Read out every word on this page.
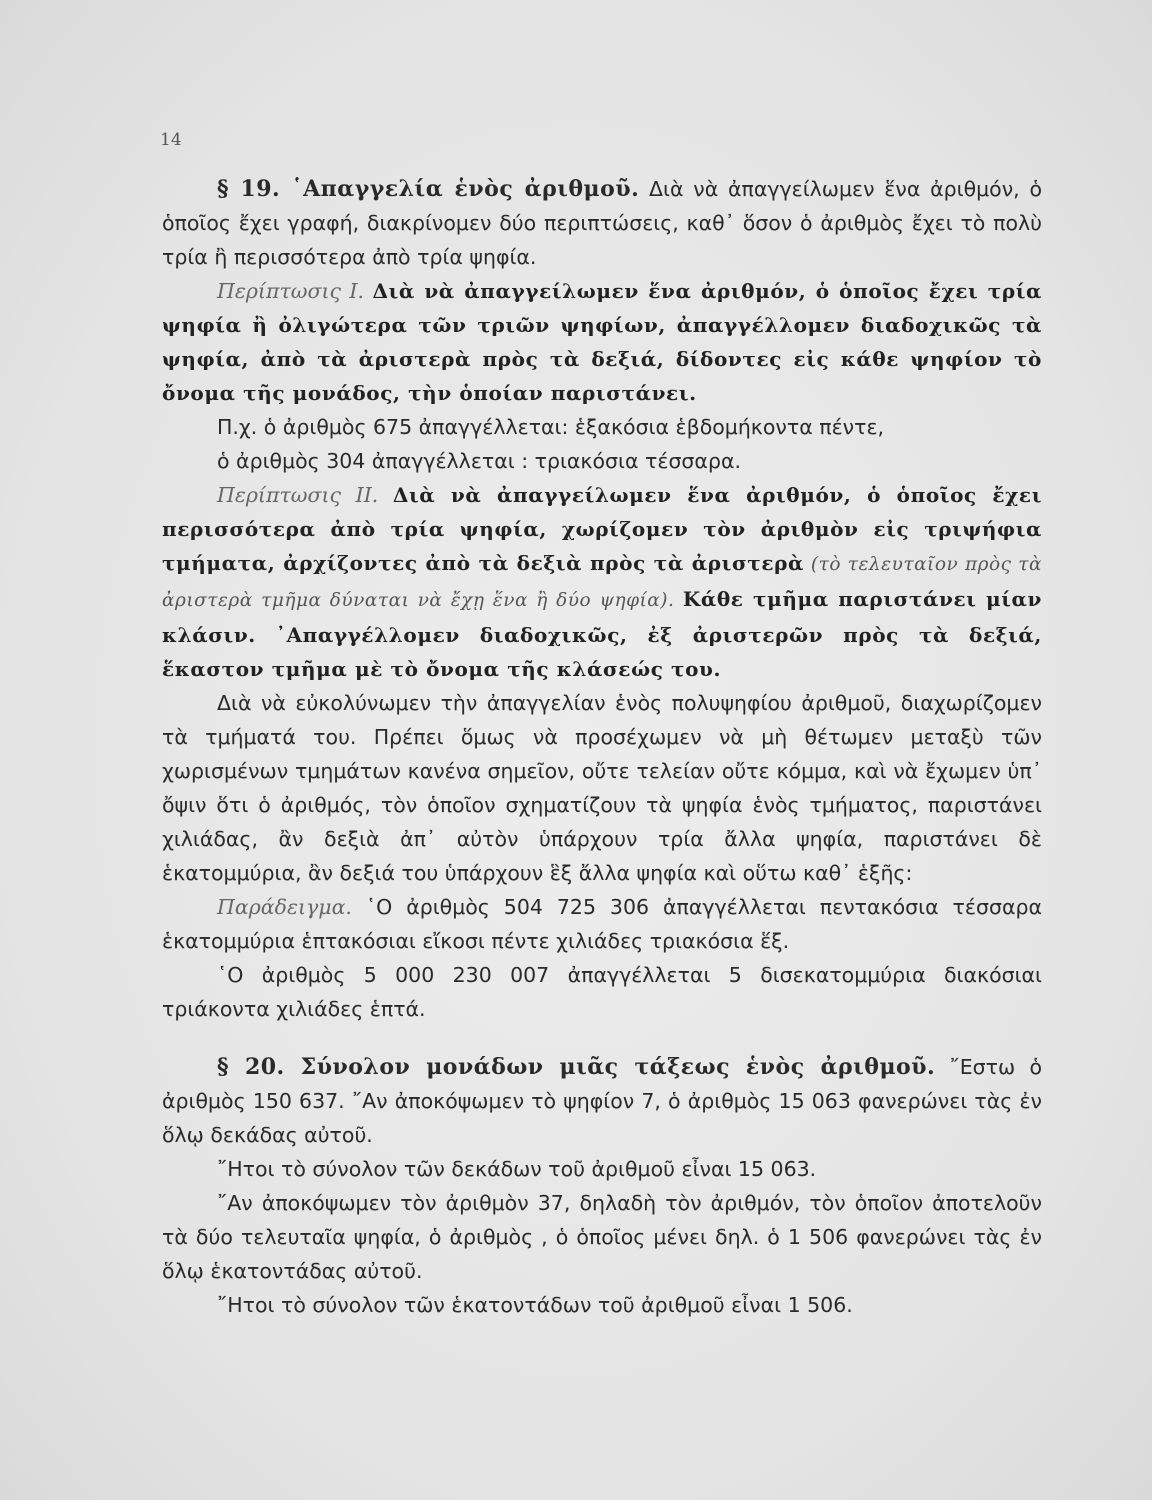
14

§ 19. ῾Απαγγελία ἑνὸς ἀριθμοῦ. Διὰ νὰ ἀπαγγείλωμεν ἕνα ἀριθμόν, ὁ ὁποῖος ἔχει γραφή, διακρίνομεν δύο περιπτώσεις, καθ᾿ ὅσον ὁ ἀριθμὸς ἔχει τὸ πολὺ τρία ἢ περισσότερα ἀπὸ τρία ψηφία.

Περίπτωσις Ι. Διὰ νὰ ἀπαγγείλωμεν ἕνα ἀριθμόν, ὁ ὁποῖος ἔχει τρία ψηφία ἢ ὀλιγώτερα τῶν τριῶν ψηφίων, ἀπαγγέλλομεν διαδοχικῶς τὰ ψηφία, ἀπὸ τὰ ἀριστερὰ πρὸς τὰ δεξιά, δίδοντες εἰς κάθε ψηφίον τὸ ὄνομα τῆς μονάδος, τὴν ὁποίαν παριστάνει.

Π.χ. ὁ ἀριθμὸς 675 ἀπαγγέλλεται: ἑξακόσια ἑβδομήκοντα πέντε,

ὁ ἀριθμὸς 304 ἀπαγγέλλεται : τριακόσια τέσσαρα.

Περίπτωσις ΙΙ. Διὰ νὰ ἀπαγγείλωμεν ἕνα ἀριθμόν, ὁ ὁποῖος ἔχει περισσότερα ἀπὸ τρία ψηφία, χωρίζομεν τὸν ἀριθμὸν εἰς τριψήφια τμήματα, ἀρχίζοντες ἀπὸ τὰ δεξιὰ πρὸς τὰ ἀριστερὰ (τὸ τελευταῖον πρὸς τὰ ἀριστερὰ τμῆμα δύναται νὰ ἔχῃ ἕνα ἢ δύο ψηφία). Κάθε τμῆμα παριστάνει μίαν κλάσιν. ᾿Απαγγέλλομεν διαδοχικῶς, ἐξ ἀριστερῶν πρὸς τὰ δεξιά, ἕκαστον τμῆμα μὲ τὸ ὄνομα τῆς κλάσεώς του.

Διὰ νὰ εὐκολύνωμεν τὴν ἀπαγγελίαν ἑνὸς πολυψηφίου ἀριθμοῦ, διαχωρίζομεν τὰ τμήματά του. Πρέπει ὅμως νὰ προσέχωμεν νὰ μὴ θέτωμεν μεταξὺ τῶν χωρισμένων τμημάτων κανένα σημεῖον, οὔτε τελείαν οὔτε κόμμα, καὶ νὰ ἔχωμεν ὑπ᾿ ὄψιν ὅτι ὁ ἀριθμός, τὸν ὁποῖον σχηματίζουν τὰ ψηφία ἑνὸς τμήματος, παριστάνει χιλιάδας, ἂν δεξιὰ ἀπ᾿ αὐτὸν ὑπάρχουν τρία ἄλλα ψηφία, παριστάνει δὲ ἑκατομμύρια, ἂν δεξιά του ὑπάρχουν ἓξ ἄλλα ψηφία καὶ οὕτω καθ᾿ ἑξῆς:

Παράδειγμα. ῾Ο ἀριθμὸς 504 725 306 ἀπαγγέλλεται πεντακόσια τέσσαρα ἑκατομμύρια ἑπτακόσιαι εἴκοσι πέντε χιλιάδες τριακόσια ἕξ.

῾Ο ἀριθμὸς 5 000 230 007 ἀπαγγέλλεται 5 δισεκατομμύρια διακόσιαι τριάκοντα χιλιάδες ἑπτά.

§ 20. Σύνολον μονάδων μιᾶς τάξεως ἑνὸς ἀριθμοῦ. ῎Εστω ὁ ἀριθμὸς 150 637. ῎Αν ἀποκόψωμεν τὸ ψηφίον 7, ὁ ἀριθμὸς 15 063 φανερώνει τὰς ἐν ὅλῳ δεκάδας αὐτοῦ.

῎Ητοι τὸ σύνολον τῶν δεκάδων τοῦ ἀριθμοῦ εἶναι 15 063.

῎Αν ἀποκόψωμεν τὸν ἀριθμὸν 37, δηλαδὴ τὸν ἀριθμόν, τὸν ὁποῖον ἀποτελοῦν τὰ δύο τελευταῖα ψηφία, ὁ ἀριθμὸς , ὁ ὁποῖος μένει δηλ. ὁ 1 506 φανερώνει τὰς ἐν ὅλῳ ἑκατοντάδας αὐτοῦ.

῎Ητοι τὸ σύνολον τῶν ἑκατοντάδων τοῦ ἀριθμοῦ εἶναι 1 506.
